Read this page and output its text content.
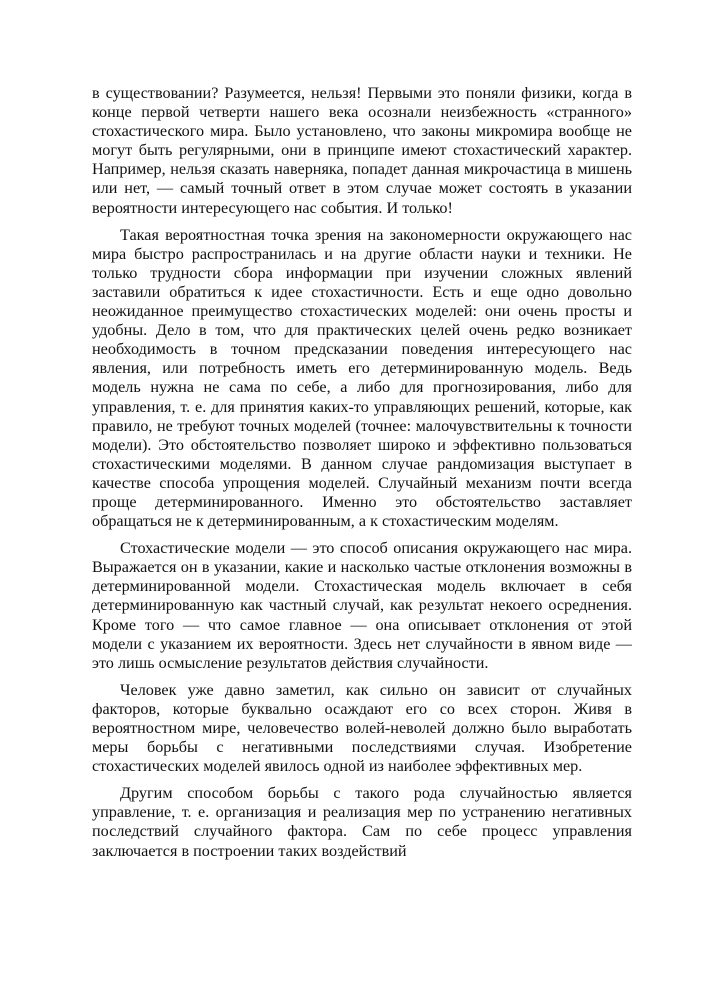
в существовании? Разумеется, нельзя! Первыми это поняли физики, когда в конце первой четверти нашего века осознали неизбежность «странного» стохастического мира. Было установлено, что законы микромира вообще не могут быть регулярными, они в принципе имеют стохастический характер. Например, нельзя сказать наверняка, попадет данная микрочастица в мишень или нет, — самый точный ответ в этом случае может состоять в указании вероятности интересующего нас события. И только!

Такая вероятностная точка зрения на закономерности окружающего нас мира быстро распространилась и на другие области науки и техники. Не только трудности сбора информации при изучении сложных явлений заставили обратиться к идее стохастичности. Есть и еще одно довольно неожиданное преимущество стохастических моделей: они очень просты и удобны. Дело в том, что для практических целей очень редко возникает необходимость в точном предсказании поведения интересующего нас явления, или потребность иметь его детерминированную модель. Ведь модель нужна не сама по себе, а либо для прогнозирования, либо для управления, т. е. для принятия каких-то управляющих решений, которые, как правило, не требуют точных моделей (точнее: малочувствительны к точности модели). Это обстоятельство позволяет широко и эффективно пользоваться стохастическими моделями. В данном случае рандомизация выступает в качестве способа упрощения моделей. Случайный механизм почти всегда проще детерминированного. Именно это обстоятельство заставляет обращаться не к детерминированным, а к стохастическим моделям.

Стохастические модели — это способ описания окружающего нас мира. Выражается он в указании, какие и насколько частые отклонения возможны в детерминированной модели. Стохастическая модель включает в себя детерминированную как частный случай, как результат некоего осреднения. Кроме того — что самое главное — она описывает отклонения от этой модели с указанием их вероятности. Здесь нет случайности в явном виде — это лишь осмысление результатов действия случайности.

Человек уже давно заметил, как сильно он зависит от случайных факторов, которые буквально осаждают его со всех сторон. Живя в вероятностном мире, человечество волей-неволей должно было выработать меры борьбы с негативными последствиями случая. Изобретение стохастических моделей явилось одной из наиболее эффективных мер.

Другим способом борьбы с такого рода случайностью является управление, т. е. организация и реализация мер по устранению негативных последствий случайного фактора. Сам по себе процесс управления заключается в построении таких воздействий
